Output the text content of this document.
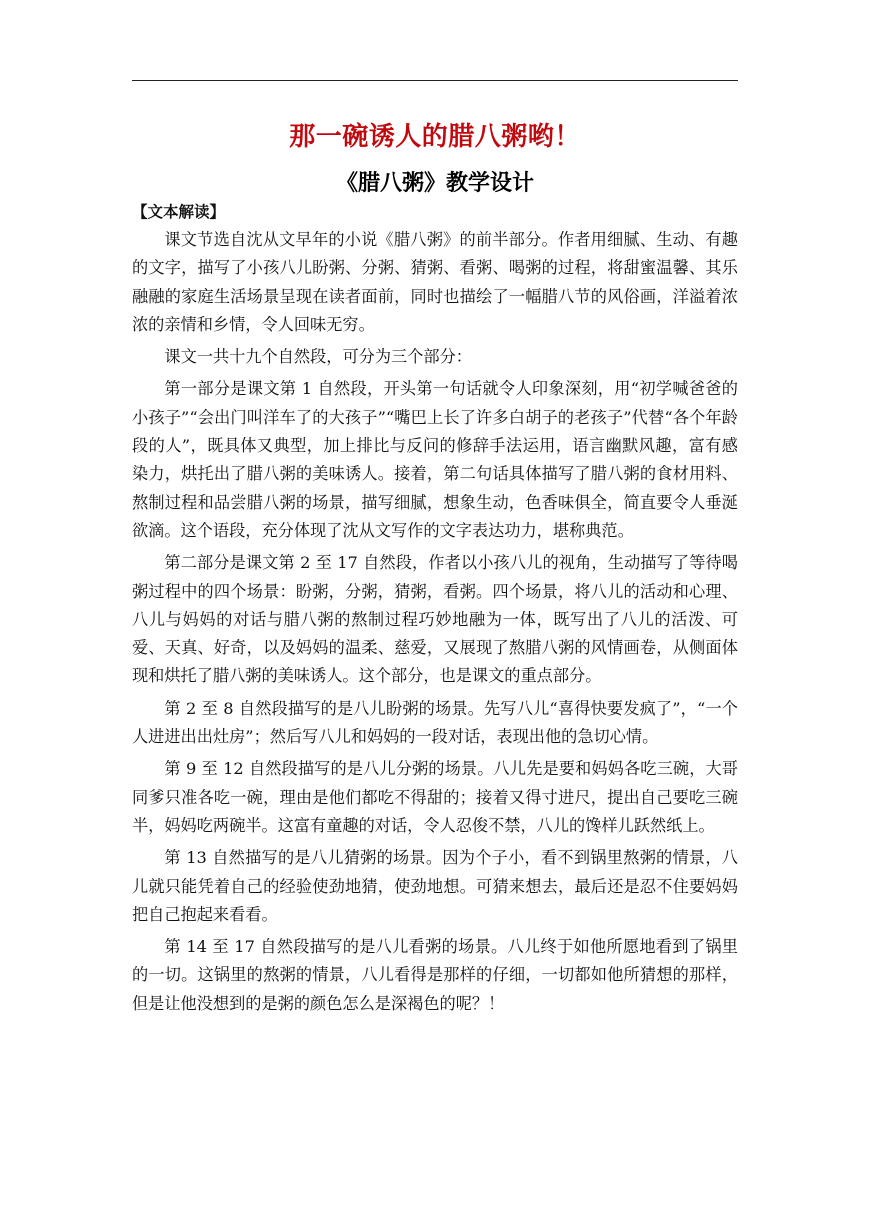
那一碗诱人的腊八粥哟！
《腊八粥》教学设计
【文本解读】

课文节选自沈从文早年的小说《腊八粥》的前半部分。作者用细腻、生动、有趣的文字，描写了小孩八儿盼粥、分粥、猜粥、看粥、喝粥的过程，将甜蜜温馨、其乐融融的家庭生活场景呈现在读者面前，同时也描绘了一幅腊八节的风俗画，洋溢着浓浓的亲情和乡情，令人回味无穷。

课文一共十九个自然段，可分为三个部分：

第一部分是课文第 1 自然段，开头第一句话就令人印象深刻，用“初学喊爸爸的小孩子”“会出门叫洋车了的大孩子”“嘴巴上长了许多白胡子的老孩子”代替“各个年龄段的人”，既具体又典型，加上排比与反问的修辞手法运用，语言幽默风趣，富有感染力，烘托出了腊八粥的美味诱人。接着，第二句话具体描写了腊八粥的食材用料、熬制过程和品尝腊八粥的场景，描写细腻，想象生动，色香味俱全，简直要令人垂涎欲滴。这个语段，充分体现了沈从文写作的文字表达功力，堪称典范。

第二部分是课文第 2 至 17 自然段，作者以小孩八儿的视角，生动描写了等待喝粥过程中的四个场景：盼粥，分粥，猜粥，看粥。四个场景，将八儿的活动和心理、八儿与妈妈的对话与腊八粥的熬制过程巧妙地融为一体，既写出了八儿的活泼、可爱、天真、好奇，以及妈妈的温柔、慈爱，又展现了熬腊八粥的风情画卷，从侧面体现和烘托了腊八粥的美味诱人。这个部分，也是课文的重点部分。

第 2 至 8 自然段描写的是八儿盼粥的场景。先写八儿“喜得快要发疯了”，“一个人进进出出灶房”；然后写八儿和妈妈的一段对话，表现出他的急切心情。

第 9 至 12 自然段描写的是八儿分粥的场景。八儿先是要和妈妈各吃三碗，大哥同爹只准各吃一碗，理由是他们都吃不得甜的；接着又得寸进尺，提出自己要吃三碗半，妈妈吃两碗半。这富有童趣的对话，令人忍俊不禁，八儿的馋样儿跃然纸上。

第 13 自然描写的是八儿猜粥的场景。因为个子小，看不到锅里熬粥的情景，八儿就只能凭着自己的经验使劲地猜，使劲地想。可猜来想去，最后还是忍不住要妈妈把自己抱起来看看。

第 14 至 17 自然段描写的是八儿看粥的场景。八儿终于如他所愿地看到了锅里的一切。这锅里的熬粥的情景，八儿看得是那样的仔细，一切都如他所猜想的那样，但是让他没想到的是粥的颜色怎么是深褐色的呢？！
